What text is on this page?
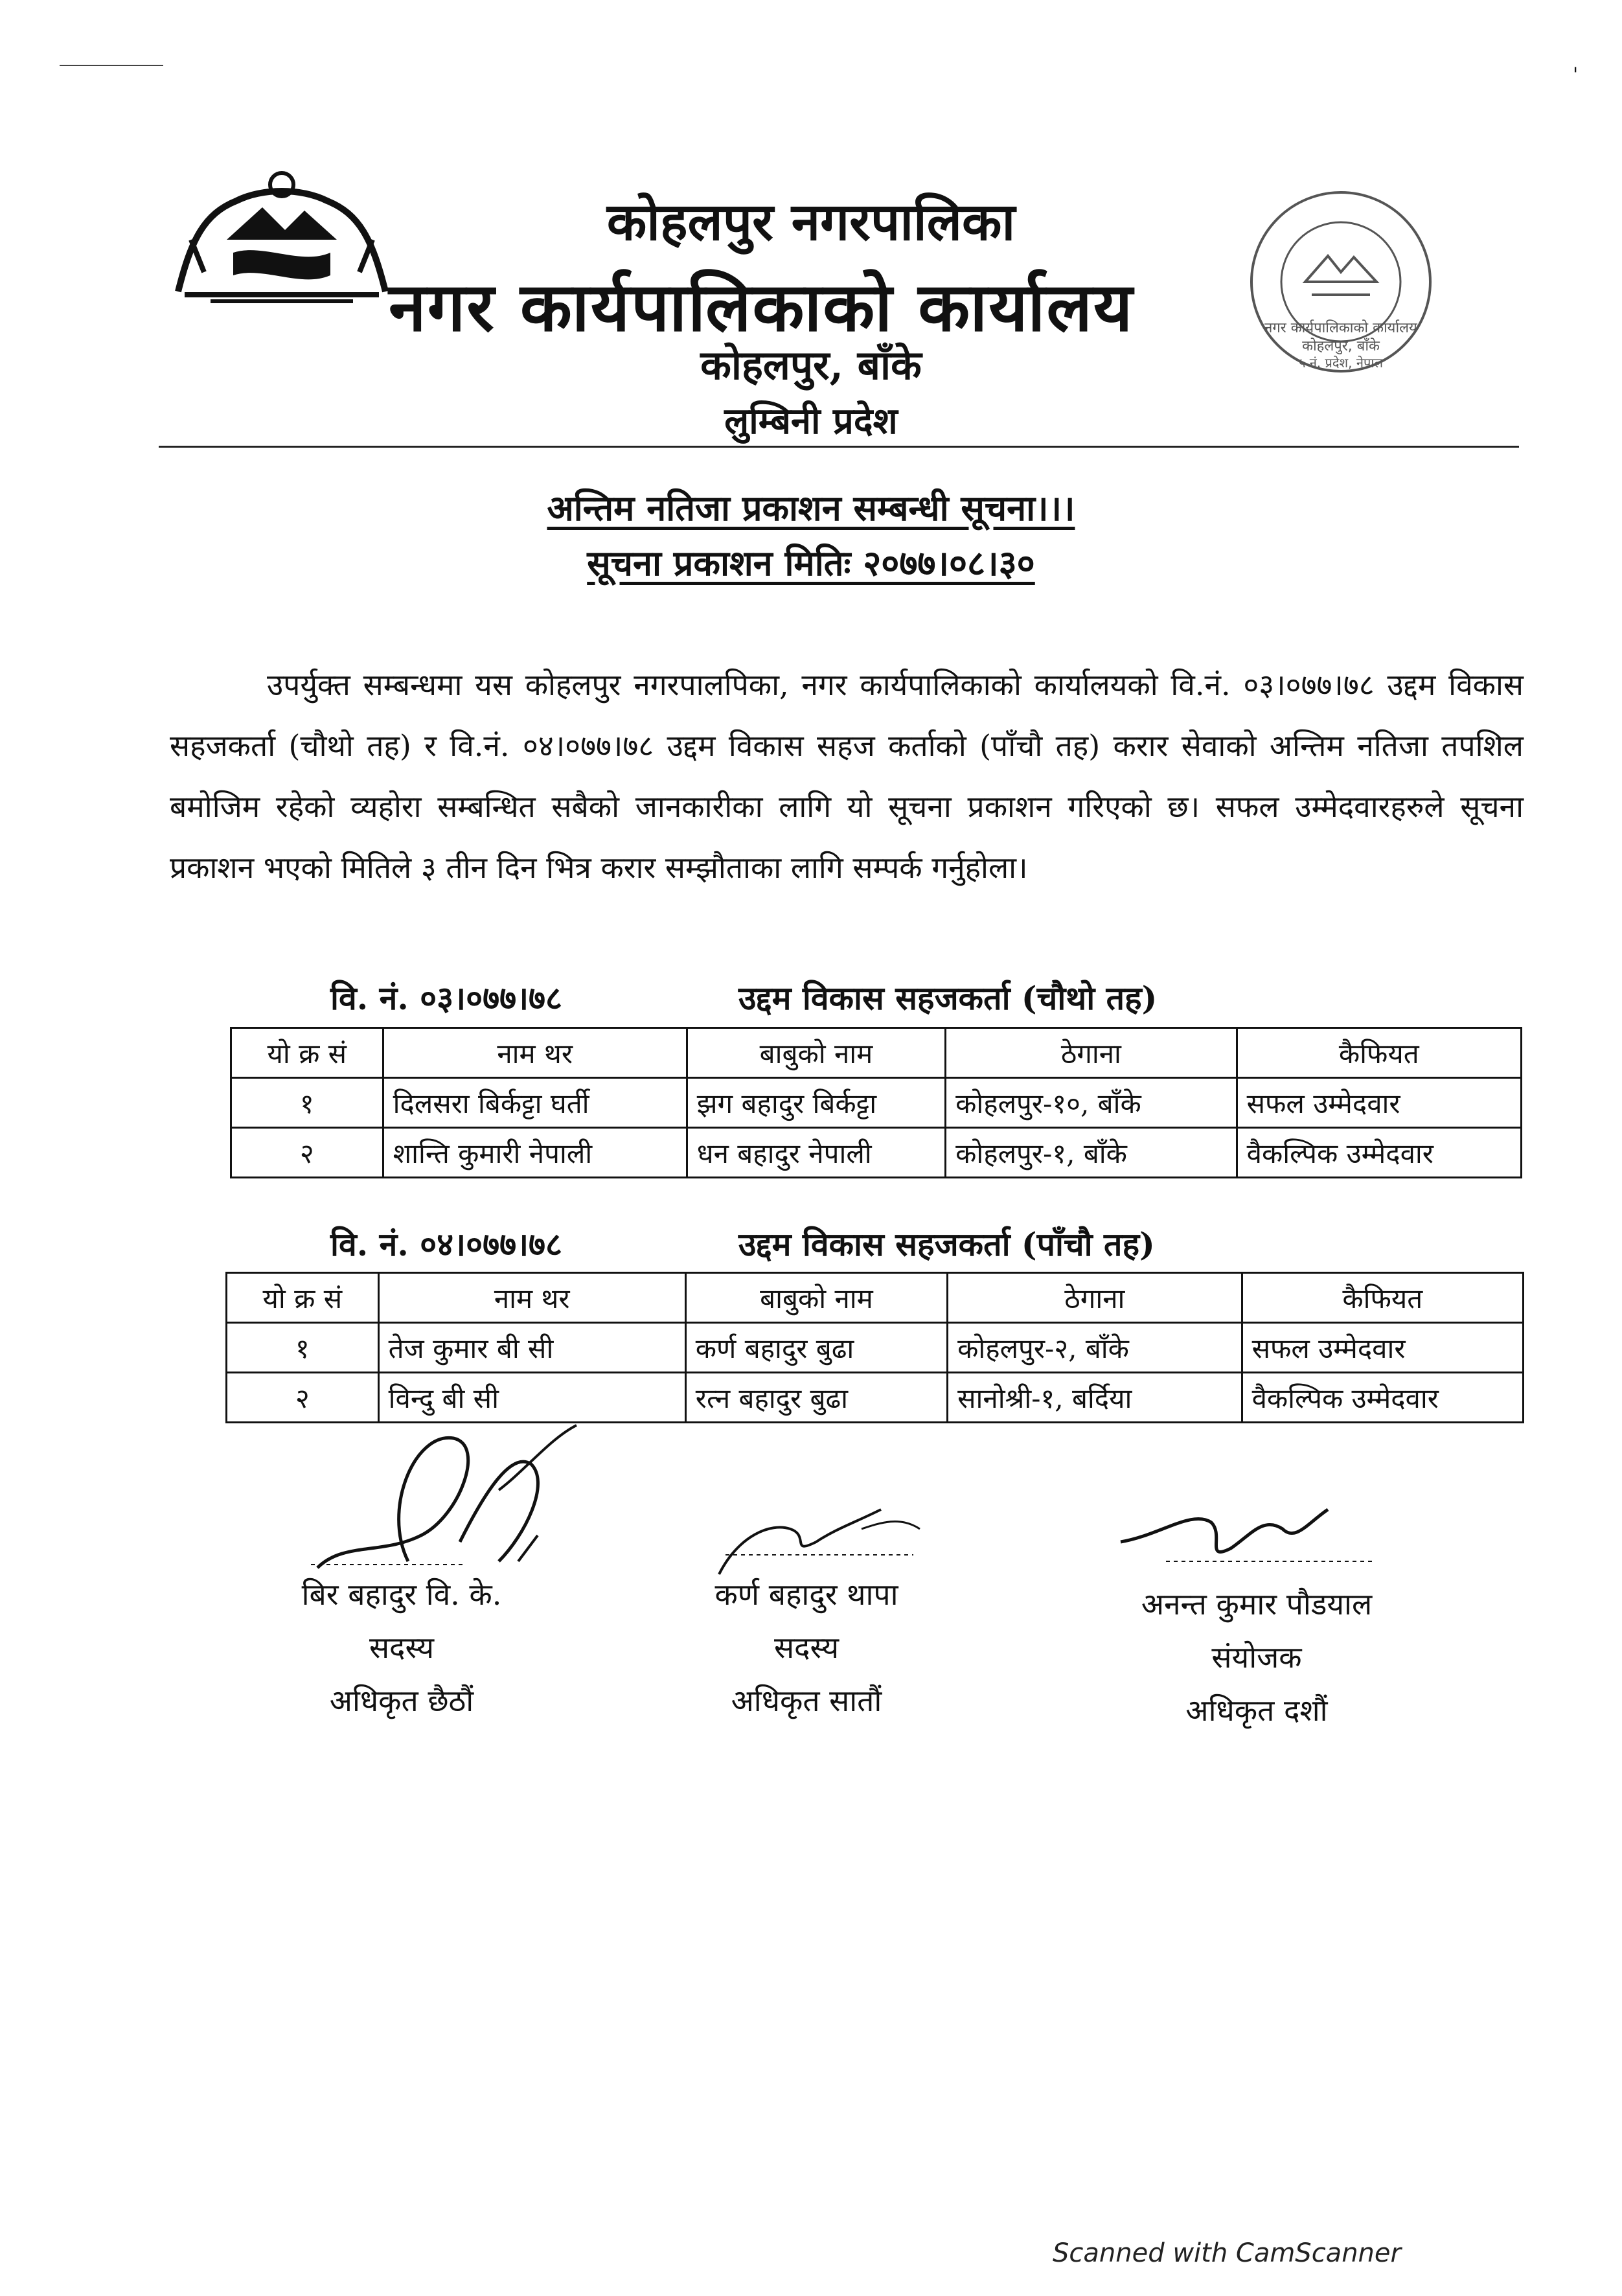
'
कोहलपुर नगरपालिका
नगर कार्यपालिकाको कार्यालय
कोहलपुर, बाँके
लुम्बिनी प्रदेश
नगर कार्यपालिकाको कार्यालय
कोहलपुर, बाँके
५ नं. प्रदेश, नेपाल
अन्तिम नतिजा प्रकाशन सम्बन्धी सूचना।।।
सूचना प्रकाशन मितिः २०७७।०८।३०
उपर्युक्त सम्बन्धमा यस कोहलपुर नगरपालपिका, नगर कार्यपालिकाको कार्यालयको वि.नं. ०३।०७७।७८ उद्दम विकास सहजकर्ता (चौथो तह) र वि.नं. ०४।०७७।७८ उद्दम विकास सहज कर्ताको (पाँचौ तह) करार सेवाको अन्तिम नतिजा तपशिल बमोजिम रहेको व्यहोरा सम्बन्धित सबैको जानकारीका लागि यो सूचना प्रकाशन गरिएको छ। सफल उम्मेदवारहरुले सूचना प्रकाशन भएको मितिले ३ तीन दिन भित्र करार सम्झौताका लागि सम्पर्क गर्नुहोला।
वि. नं. ०३।०७७।७८	उद्दम विकास सहजकर्ता (चौथो तह)
यो क्र सं	नाम थर	बाबुको नाम	ठेगाना	कैफियत
१	दिलसरा बिर्कट्टा घर्ती	झग बहादुर बिर्कट्टा	कोहलपुर-१०, बाँके	सफल उम्मेदवार
२	शान्ति कुमारी नेपाली	धन बहादुर नेपाली	कोहलपुर-१, बाँके	वैकल्पिक उम्मेदवार
वि. नं. ०४।०७७।७८	उद्दम विकास सहजकर्ता (पाँचौ तह)
यो क्र सं	नाम थर	बाबुको नाम	ठेगाना	कैफियत
१	तेज कुमार बी सी	कर्ण बहादुर बुढा	कोहलपुर-२, बाँके	सफल उम्मेदवार
२	विन्दु बी सी	रत्न बहादुर बुढा	सानोश्री-१, बर्दिया	वैकल्पिक उम्मेदवार
बिर बहादुर वि. के.
सदस्य
अधिकृत छैठौं
कर्ण बहादुर थापा
सदस्य
अधिकृत सातौं
अनन्त कुमार पौडयाल
संयोजक
अधिकृत दशौं
Scanned with CamScanner
